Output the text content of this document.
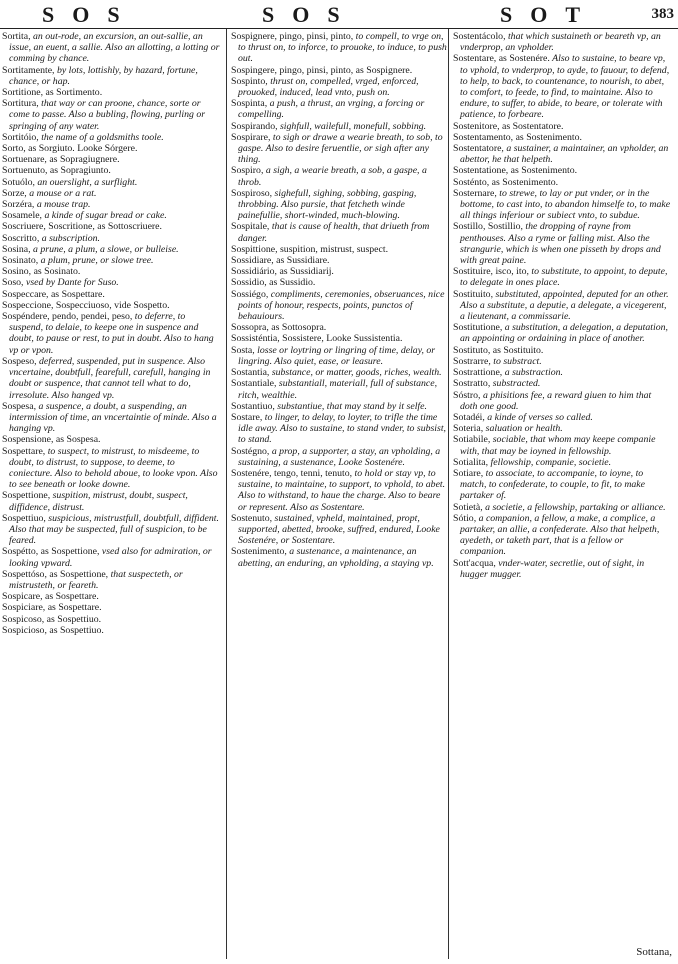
SOS	SOS	SOT	383

Sortita, an out-rode, an excursion, an out-sallie, an issue, an euent, a sallie. Also an allotting, a lotting or comming by chance.

Sortitamente, by lots, lottishly, by hazard, fortune, chance, or hap.

Sortitione, as Sortimento.

Sortitura, that way or can proone, chance, sorte or come to passe. Also a bubling, flowing, purling or springing of any water.

Sortitóio, the name of a goldsmiths toole.

Sorto, as Sorgiuto. Looke Sórgere.

Sortuenare, as Sopragiugnere.

Sortuenuto, as Sopragiunto.

Sotuólo, an ouerslight, a surflight.

Sorze, a mouse or a rat.

Sorzéra, a mouse trap.

Sosamele, a kinde of sugar bread or cake.

Soscriuere, Soscritione, as Sottoscriuere.

Soscritto, a subscription.

Sosina, a prune, a plum, a slowe, or bulleise.

Sosinato, a plum, prune, or slowe tree.

Sosino, as Sosinato.

Soso, vsed by Dante for Suso.

Sospeccare, as Sospettare.

Sospeccione, Sospecciuoso, vide Sospetto.

Sospéndere, pendo, pendei, peso, to deferre, to suspend, to delaie, to keepe one in suspence and doubt, to pause or rest, to put in doubt. Also to hang vp or vpon.

Sospeso, deferred, suspended, put in suspence. Also vncertaine, doubtfull, fearefull, carefull, hanging in doubt or suspence, that cannot tell what to do, irresolute. Also hanged vp.

Sospesa, a suspence, a doubt, a suspending, an intermission of time, an vncertaintie of minde. Also a hanging vp.

Sospensione, as Sospesa.

Sospettare, to suspect, to mistrust, to misdeeme, to doubt, to distrust, to suppose, to deeme, to coniecture. Also to behold aboue, to looke vpon. Also to see beneath or looke downe.

Sospettione, suspition, mistrust, doubt, suspect, diffidence, distrust.

Sospettiuo, suspicious, mistrustfull, doubtfull, diffident. Also that may be suspected, full of suspicion, to be feared.

Sospétto, as Sospettione, vsed also for admiration, or looking vpward.

Sospettóso, as Sospettione, that suspecteth, or mistrusteth, or feareth.

Sospicare, as Sospettare.

Sospiciare, as Sospettare.

Sospicoso, as Sospettiuo.

Sospicioso, as Sospettiuo.

Sospignere, pingo, pinsi, pinto, to compell, to vrge on, to thrust on, to inforce, to prouoke, to induce, to push out.

Sospingere, pingo, pinsi, pinto, as Sospignere.

Sospinto, thrust on, compelled, vrged, enforced, prouoked, induced, lead vnto, push on.

Sospinta, a push, a thrust, an vrging, a forcing or compelling.

Sospirando, sighfull, wailefull, monefull, sobbing.

Sospirare, to sigh or drawe a wearie breath, to sob, to gaspe. Also to desire feruentlie, or sigh after any thing.

Sospiro, a sigh, a wearie breath, a sob, a gaspe, a throb.

Sospiroso, sighefull, sighing, sobbing, gasping, throbbing. Also pursie, that fetcheth winde painefullie, short-winded, much-blowing.

Sospitale, that is cause of health, that driueth from danger.

Sospittione, suspition, mistrust, suspect.

Sossidiare, as Sussidiare.

Sossidiário, as Sussidiarij.

Sossidio, as Sussidio.

Sossiégo, compliments, ceremonies, obseruances, nice points of honour, respects, points, punctos of behauiours.

Sossopra, as Sottosopra.

Sossisténtia, Sossistere, Looke Sussistentia.

Sosta, losse or loytring or lingring of time, delay, or lingring. Also quiet, ease, or leasure.

Sostantia, substance, or matter, goods, riches, wealth.

Sostantiale, substantiall, materiall, full of substance, ritch, wealthie.

Sostantiuo, substantiue, that may stand by it selfe.

Sostare, to linger, to delay, to loyter, to trifle the time idle away. Also to sustaine, to stand vnder, to subsist, to stand.

Sostégno, a prop, a supporter, a stay, an vpholding, a sustaining, a sustenance, Looke Sostenére.

Sostenére, tengo, tenni, tenuto, to hold or stay vp, to sustaine, to maintaine, to support, to vphold, to abet. Also to withstand, to haue the charge. Also to beare or represent. Also as Sostentare.

Sostenuto, sustained, vpheld, maintained, propt, supported, abetted, brooke, suffred, endured, Looke Sostenére, or Sostentare.

Sostenimento, a sustenance, a maintenance, an abetting, an enduring, an vpholding, a staying vp.

Sostentácolo, that which sustaineth or beareth vp, an vnderprop, an vpholder.

Sostentare, as Sostenére. Also to sustaine, to beare vp, to vphold, to vnderprop, to ayde, to fauour, to defend, to help, to back, to countenance, to nourish, to abet, to comfort, to feede, to find, to maintaine. Also to endure, to suffer, to abide, to beare, or tolerate with patience, to forbeare.

Sostenitore, as Sostentatore.

Sostentamento, as Sostenimento.

Sostentatore, a sustainer, a maintainer, an vpholder, an abettor, he that helpeth.

Sostentatione, as Sostenimento.

Sosténto, as Sostenimento.

Sosternare, to strewe, to lay or put vnder, or in the bottome, to cast into, to abandon himselfe to, to make all things inferiour or subiect vnto, to subdue.

Sostillo, Sostillio, the dropping of rayne from penthouses. Also a ryme or falling mist. Also the strangurie, which is when one pisseth by drops and with great paine.

Sostituire, isco, ito, to substitute, to appoint, to depute, to delegate in ones place.

Sostituito, substituted, appointed, deputed for an other. Also a substitute, a deputie, a delegate, a vicegerent, a lieutenant, a commissarie.

Sostitutione, a substitution, a delegation, a deputation, an appointing or ordaining in place of another.

Sostituto, as Sostituito.

Sostrarre, to substract.

Sostrattione, a substraction.

Sostratto, substracted.

Sóstro, a phisitions fee, a reward giuen to him that doth one good.

Sotadéi, a kinde of verses so called.

Soteria, saluation or health.

Sotiabile, sociable, that whom may keepe companie with, that may be ioyned in fellowship.

Sotialita, fellowship, companie, societie.

Sotiare, to associate, to accompanie, to ioyne, to match, to confederate, to couple, to fit, to make partaker of.

Sotietà, a societie, a fellowship, partaking or alliance.

Sótio, a companion, a fellow, a make, a complice, a partaker, an allie, a confederate. Also that helpeth, ayedeth, or taketh part, that is a fellow or companion.

Sott'acqua, vnder-water, secretlie, out of sight, in hugger mugger.

Sottana,
